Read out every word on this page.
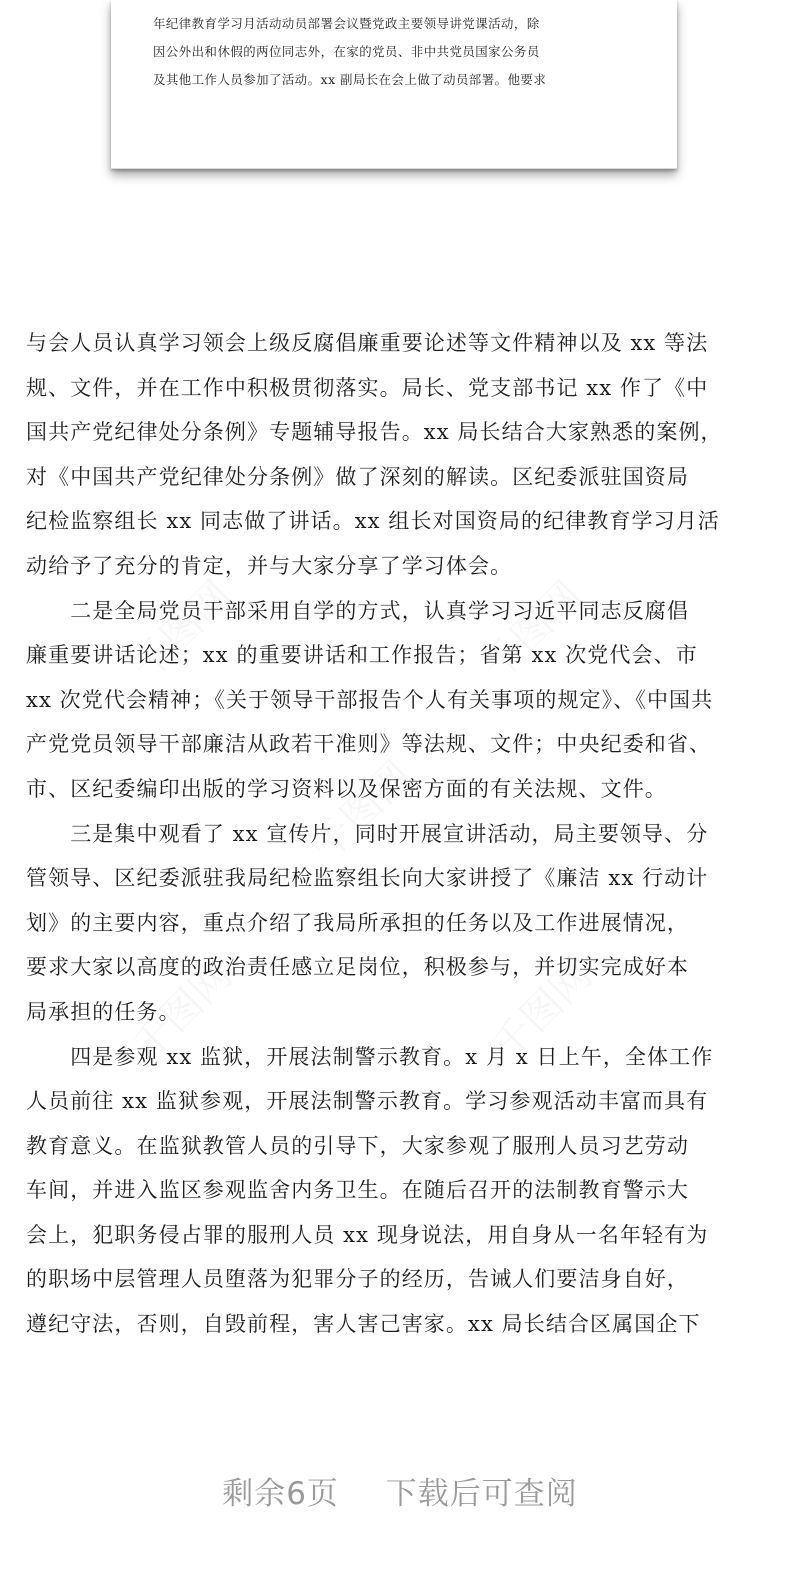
年纪律教育学习月活动动员部署会议暨党政主要领导讲党课活动，除
因公外出和休假的两位同志外，在家的党员、非中共党员国家公务员
及其他工作人员参加了活动。xx 副局长在会上做了动员部署。他要求
与会人员认真学习领会上级反腐倡廉重要论述等文件精神以及 xx 等法
规、文件，并在工作中积极贯彻落实。局长、党支部书记 xx 作了《中
国共产党纪律处分条例》专题辅导报告。xx 局长结合大家熟悉的案例，
对《中国共产党纪律处分条例》做了深刻的解读。区纪委派驻国资局
纪检监察组长 xx 同志做了讲话。xx 组长对国资局的纪律教育学习月活
动给予了充分的肯定，并与大家分享了学习体会。
　　二是全局党员干部采用自学的方式，认真学习习近平同志反腐倡
廉重要讲话论述；xx 的重要讲话和工作报告；省第 xx 次党代会、市
xx 次党代会精神；《关于领导干部报告个人有关事项的规定》、《中国共
产党党员领导干部廉洁从政若干准则》等法规、文件；中央纪委和省、
市、区纪委编印出版的学习资料以及保密方面的有关法规、文件。
　　三是集中观看了 xx 宣传片，同时开展宣讲活动，局主要领导、分
管领导、区纪委派驻我局纪检监察组长向大家讲授了《廉洁 xx 行动计
划》的主要内容，重点介绍了我局所承担的任务以及工作进展情况，
要求大家以高度的政治责任感立足岗位，积极参与，并切实完成好本
局承担的任务。
　　四是参观 xx 监狱，开展法制警示教育。x 月 x 日上午，全体工作
人员前往 xx 监狱参观，开展法制警示教育。学习参观活动丰富而具有
教育意义。在监狱教管人员的引导下，大家参观了服刑人员习艺劳动
车间，并进入监区参观监舍内务卫生。在随后召开的法制教育警示大
会上，犯职务侵占罪的服刑人员 xx 现身说法，用自身从一名年轻有为
的职场中层管理人员堕落为犯罪分子的经历，告诫人们要洁身自好，
遵纪守法，否则，自毁前程，害人害己害家。xx 局长结合区属国企下
剩余6页 下载后可查阅
